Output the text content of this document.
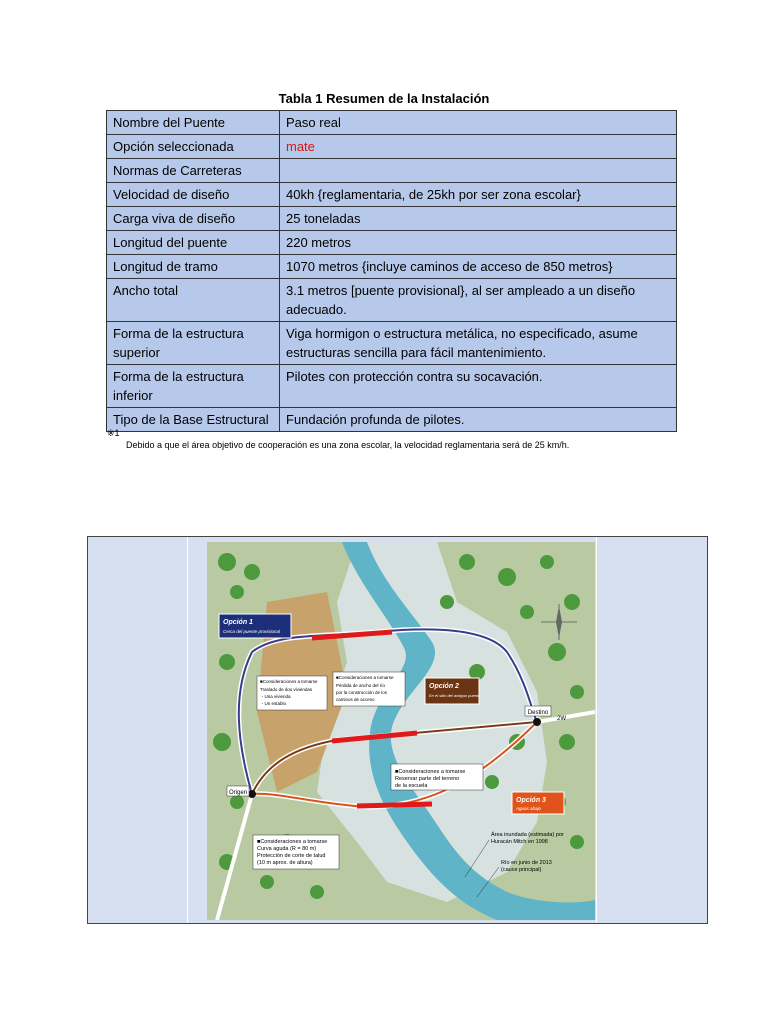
Tabla 1 Resumen de la Instalación
Nombre del Puente	Paso real
Opción seleccionada	mate
Normas de Carreteras	
Velocidad de diseño	40kh {reglamentaria, de 25kh por ser zona escolar}
Carga viva de diseño	25 toneladas
Longitud del puente	220 metros
Longitud de tramo	1070 metros {incluye caminos de acceso de 850 metros}
Ancho total	3.1 metros [puente provisional}, al ser ampleado a un diseño adecuado.
Forma de la estructura superior	Viga hormigon o estructura metálica, no especificado, asume estructuras sencilla para fácil mantenimiento.
Forma de la estructura inferior	Pilotes con protección contra su socavación.
Tipo de la Base Estructural	Fundación profunda de pilotes.
※1
Debido a que el área objetivo de cooperación es una zona escolar, la velocidad reglamentaria será de 25 km/h.
Origen
Destino
2W
Opción 1
Cerca del puente provisional
Opción 2
En el sitio del antiguo puente
Opción 3
Aguas abajo
■Consideraciones a tomarse
Traslado de dos viviendas
・Una vivienda
・Un establo
■Consideraciones a tomarse
Pérdida de ancho del río
por la construcción de los
caminos de acceso
■Consideraciones a tomarse
Reservar parte del terreno
de la escuela
■Consideraciones a tomarse
Curva aguda (R = 80 m)
Protección de corte de talud
(10 m aprox. de altura)
Área inundada (estimada) por
Huracán Mitch en 1998
Río en junio de 2013
(cauce principal)
